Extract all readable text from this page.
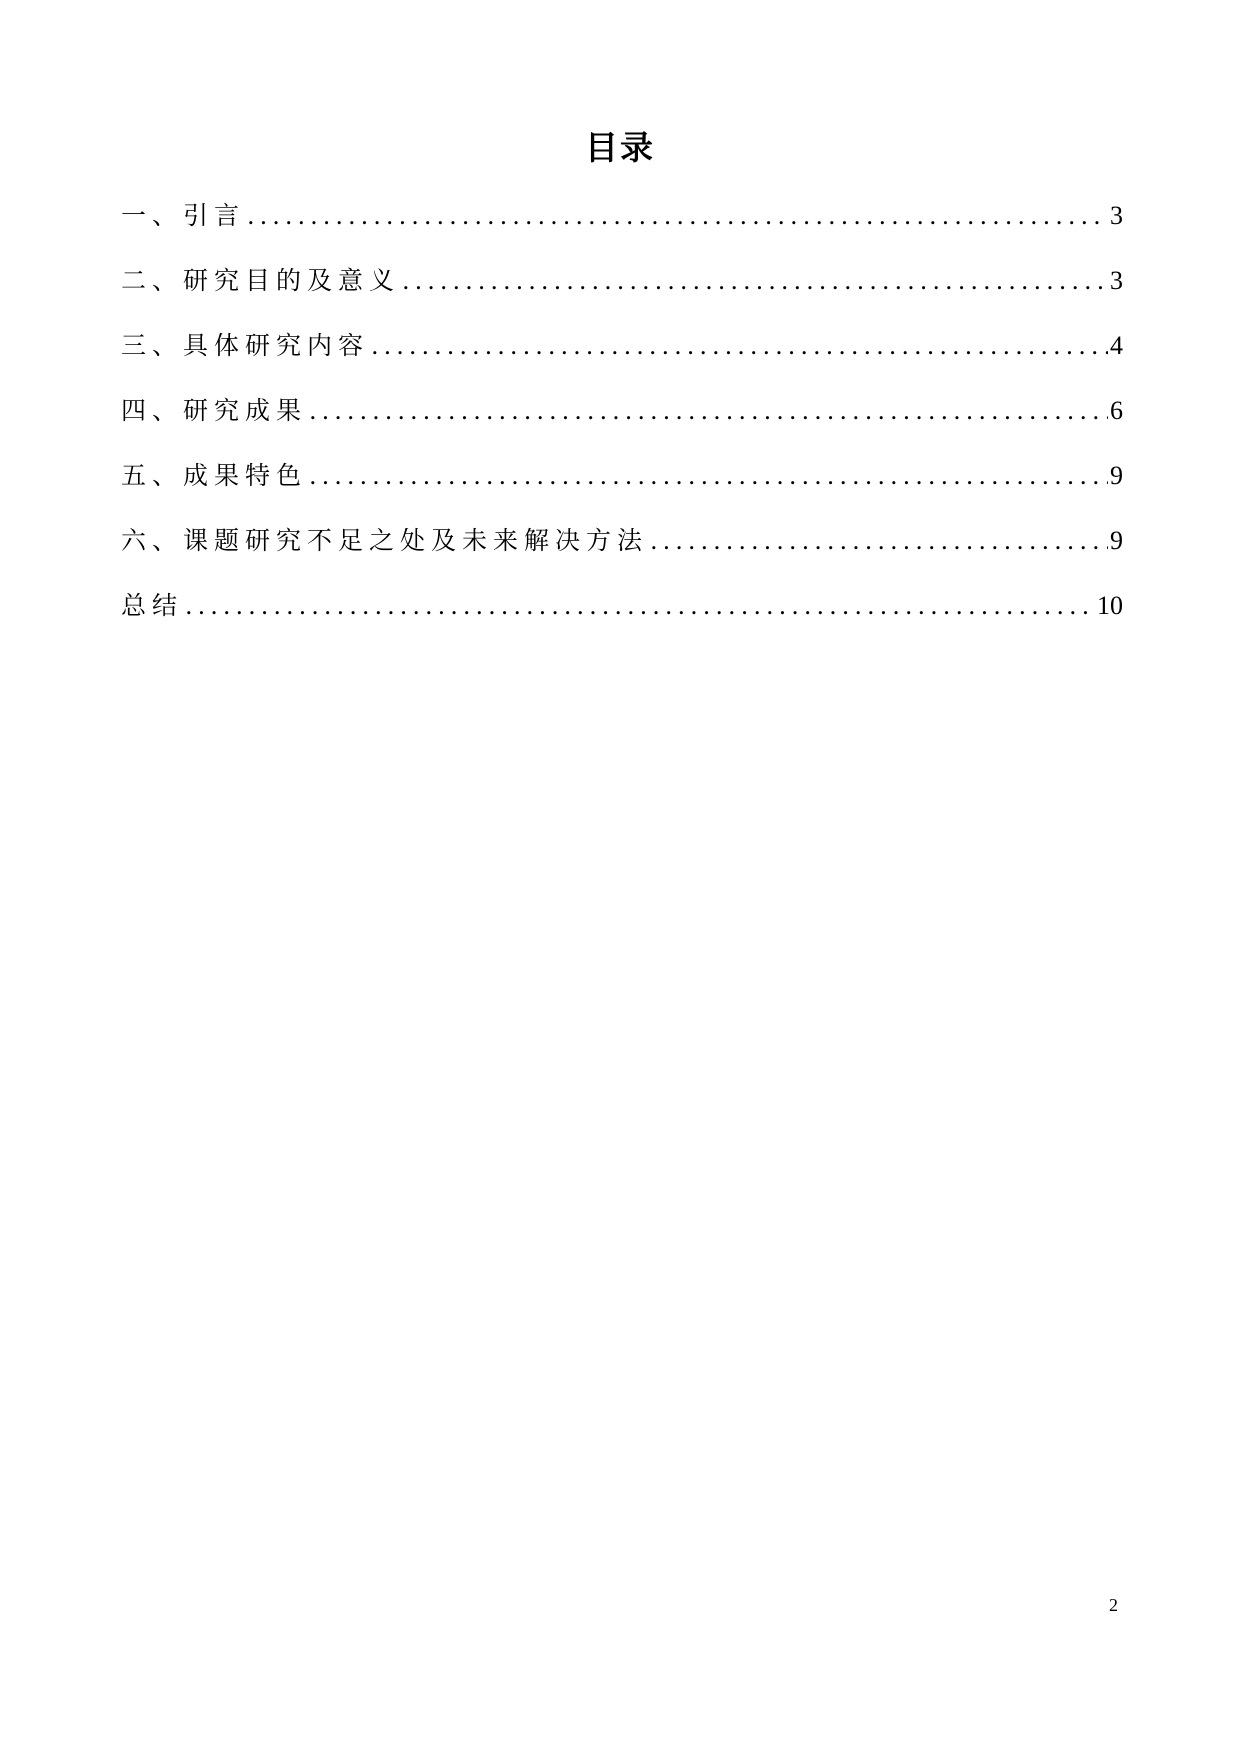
目录
一、引言 .....	3
二、研究目的及意义 .....	3
三、具体研究内容 .....	4
四、研究成果 .....	6
五、成果特色 .....	9
六、课题研究不足之处及未来解决方法 .....	9
总结 .....	10
2
